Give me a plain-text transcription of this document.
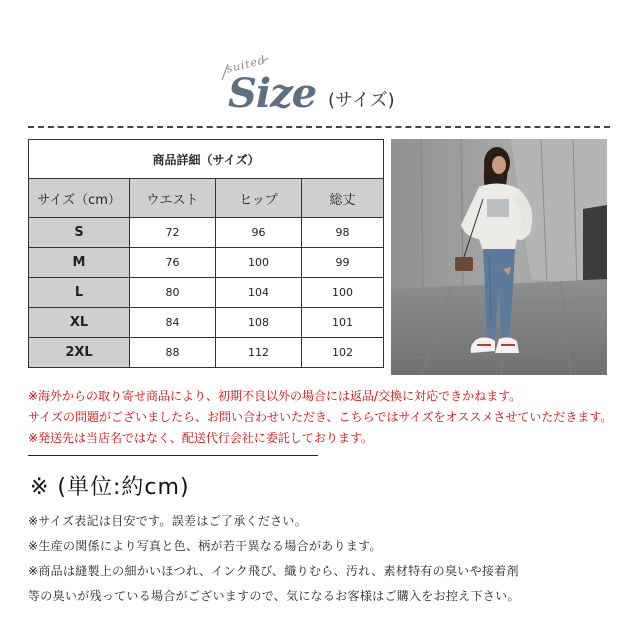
suited
Size (サイズ)
商品詳細（サイズ）			
サイズ（cm）	ウエスト	ヒップ	総丈
S	72	96	98
M	76	100	99
L	80	104	100
XL	84	108	101
2XL	88	112	102
※海外からの取り寄せ商品により、初期不良以外の場合には返品/交換に対応できかねます。
サイズの問題がございましたら、お問い合わせいただき、こちらではサイズをオススメさせていただきます。
※発送先は当店名ではなく、配送代行会社に委託しております。
※ (単位:約cm)
※サイズ表記は目安です。誤差はご了承ください。
※生産の関係により写真と色、柄が若干異なる場合があります。
※商品は縫製上の細かいほつれ、インク飛び、織りむら、汚れ、素材特有の臭いや接着剤
等の臭いが残っている場合がございますので、気になるお客様はご購入をお控え下さい。
